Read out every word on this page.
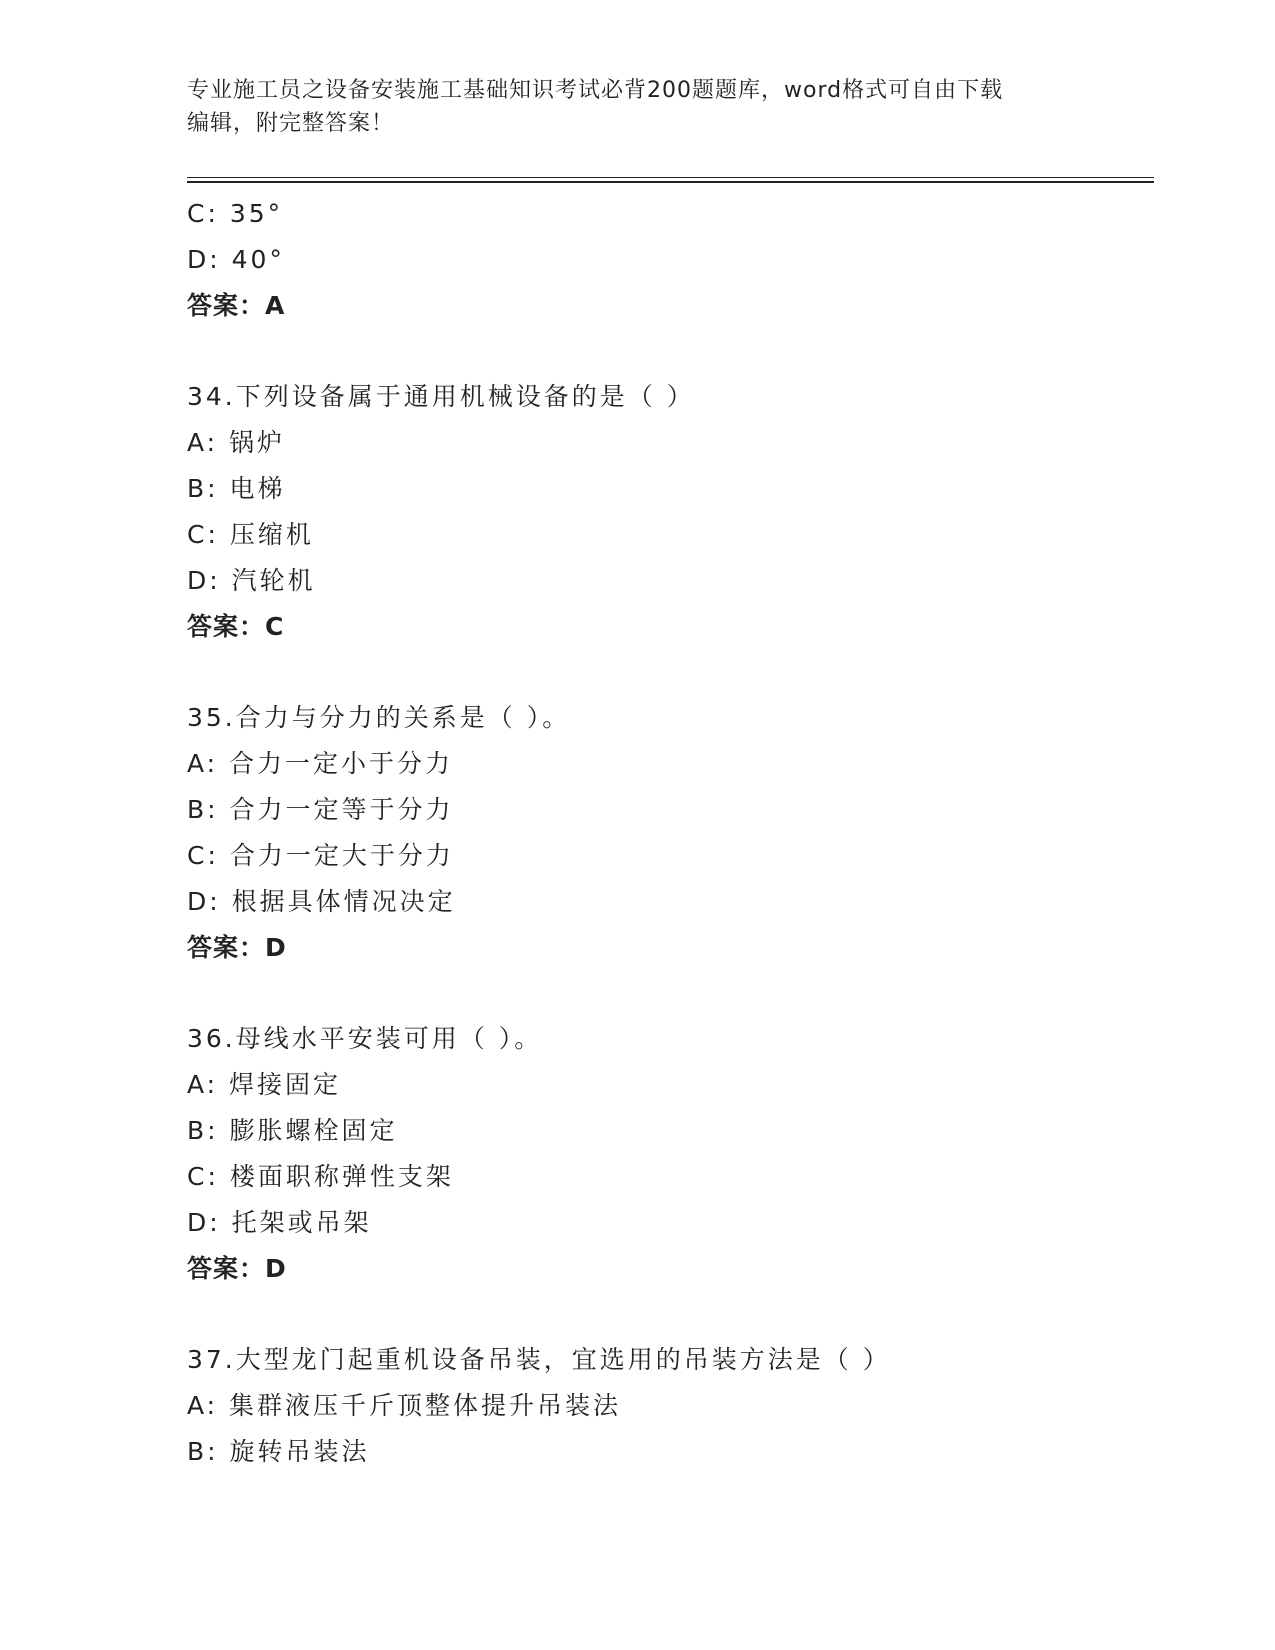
专业施工员之设备安装施工基础知识考试必背200题题库，word格式可自由下载
编辑，附完整答案！
C: 35°
D: 40°
答案：A
34.下列设备属于通用机械设备的是（ ）
A: 锅炉
B: 电梯
C: 压缩机
D: 汽轮机
答案：C
35.合力与分力的关系是（ ）。
A: 合力一定小于分力
B: 合力一定等于分力
C: 合力一定大于分力
D: 根据具体情况决定
答案：D
36.母线水平安装可用（ ）。
A: 焊接固定
B: 膨胀螺栓固定
C: 楼面职称弹性支架
D: 托架或吊架
答案：D
37.大型龙门起重机设备吊装，宜选用的吊装方法是（ ）
A: 集群液压千斤顶整体提升吊装法
B: 旋转吊装法
